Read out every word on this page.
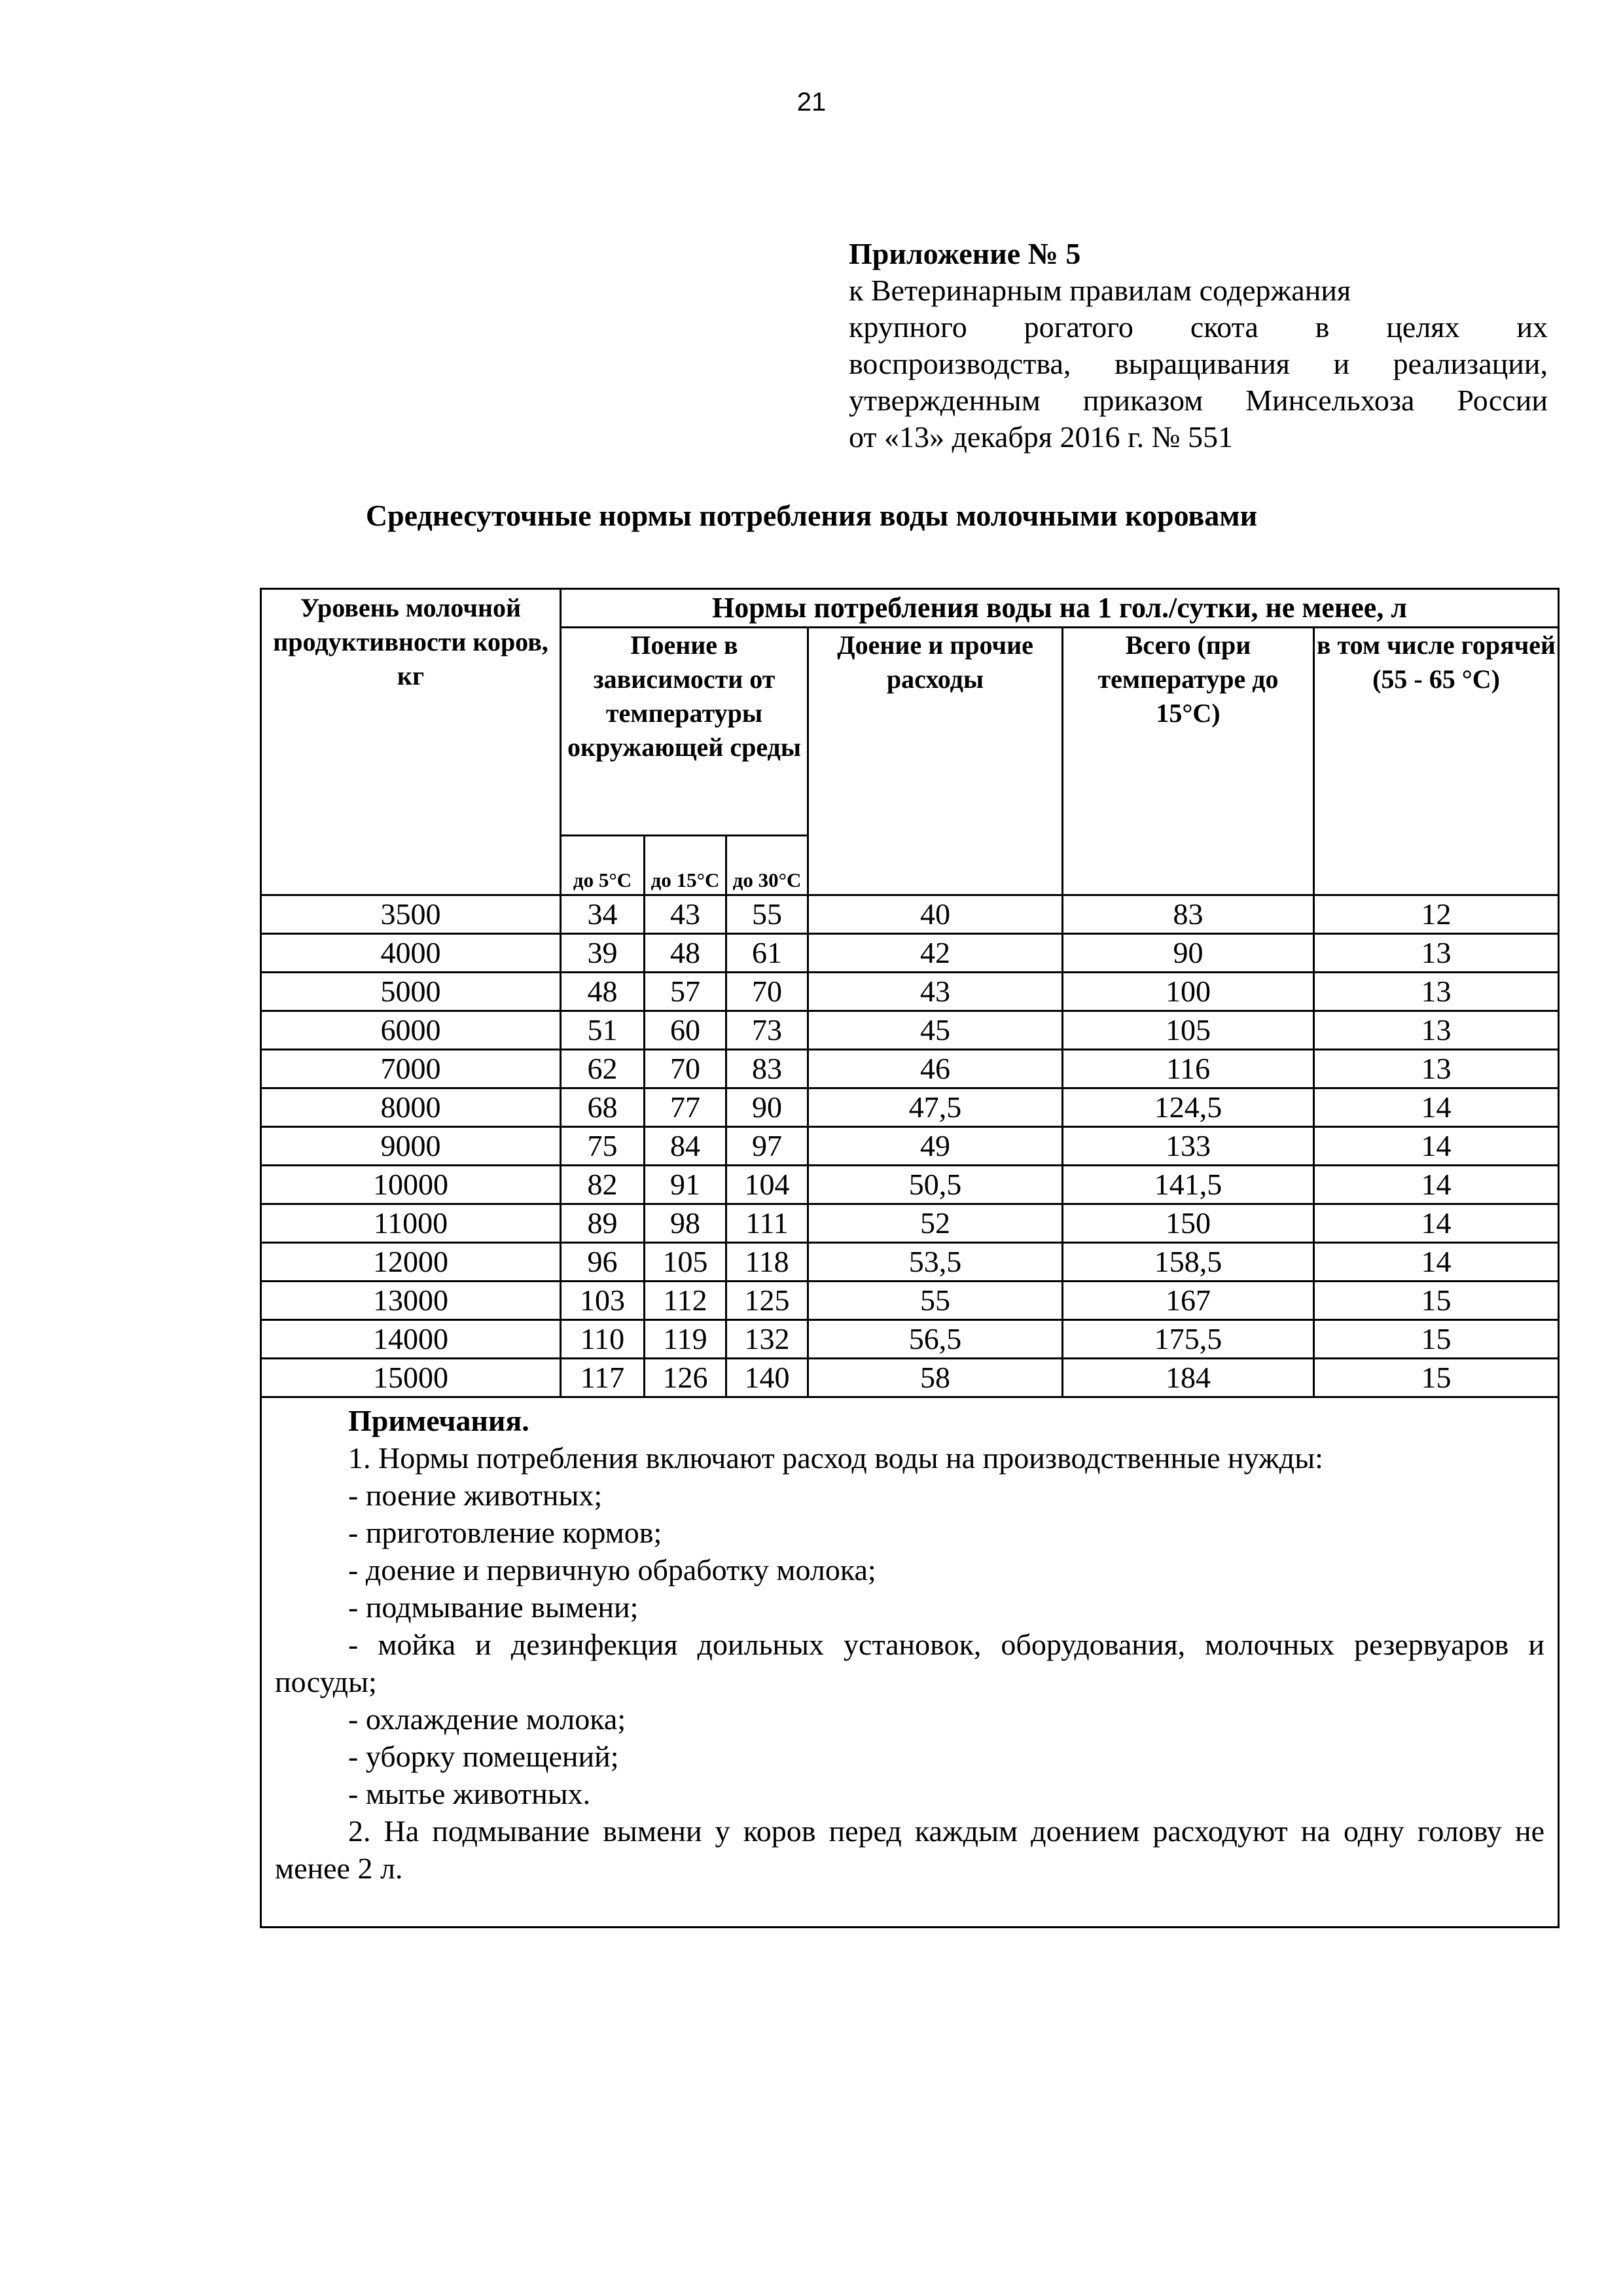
21
Приложение № 5
к Ветеринарным правилам содержания
крупного рогатого скота в целях их
воспроизводства, выращивания и реализации,
утвержденным приказом Минсельхоза России
от «13» декабря 2016 г. № 551
Среднесуточные нормы потребления воды молочными коровами
Уровень молочной продуктивности коров, кг	Нормы потребления воды на 1 гол./сутки, не менее, л					
	Поение в зависимости от температуры окружающей среды			Доение и прочие расходы	Всего (при температуре до 15°С)	в том числе горячей (55 - 65 °С)
	до 5°С	до 15°С	до 30°С			
3500	34	43	55	40	83	12
4000	39	48	61	42	90	13
5000	48	57	70	43	100	13
6000	51	60	73	45	105	13
7000	62	70	83	46	116	13
8000	68	77	90	47,5	124,5	14
9000	75	84	97	49	133	14
10000	82	91	104	50,5	141,5	14
11000	89	98	111	52	150	14
12000	96	105	118	53,5	158,5	14
13000	103	112	125	55	167	15
14000	110	119	132	56,5	175,5	15
15000	117	126	140	58	184	15

Примечания.
1. Нормы потребления включают расход воды на производственные нужды:
- поение животных;
- приготовление кормов;
- доение и первичную обработку молока;
- подмывание вымени;
- мойка и дезинфекция доильных установок, оборудования, молочных резервуаров и посуды;
- охлаждение молока;
- уборку помещений;
- мытье животных.
2. На подмывание вымени у коров перед каждым доением расходуют на одну голову не менее 2 л.
